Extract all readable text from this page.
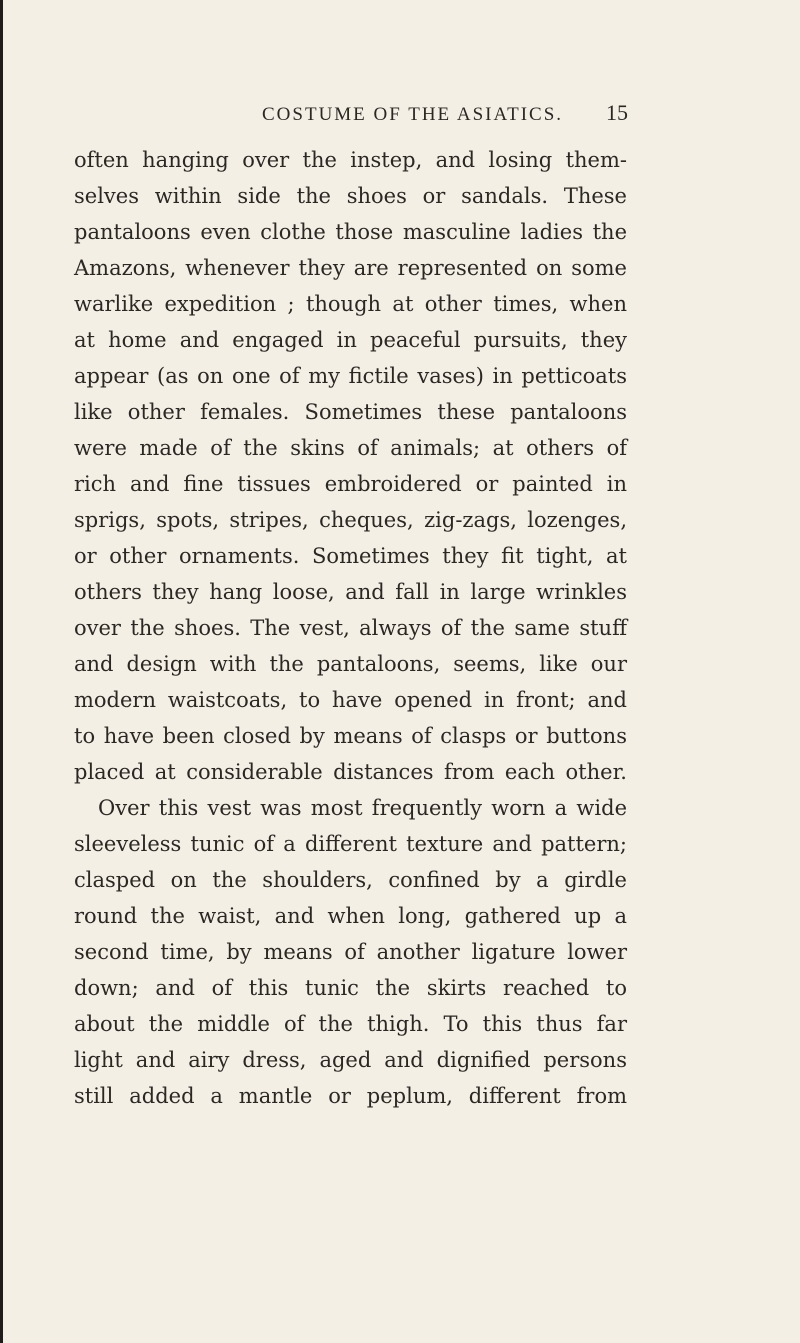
COSTUME OF THE ASIATICS. 15
often hanging over the instep, and losing them-
selves within side the shoes or sandals. These
pantaloons even clothe those masculine ladies the
Amazons, whenever they are represented on some
warlike expedition ; though at other times, when
at home and engaged in peaceful pursuits, they
appear (as on one of my fictile vases) in petticoats
like other females. Sometimes these pantaloons
were made of the skins of animals; at others of
rich and fine tissues embroidered or painted in
sprigs, spots, stripes, cheques, zig-zags, lozenges,
or other ornaments. Sometimes they fit tight, at
others they hang loose, and fall in large wrinkles
over the shoes. The vest, always of the same stuff
and design with the pantaloons, seems, like our
modern waistcoats, to have opened in front; and
to have been closed by means of clasps or buttons
placed at considerable distances from each other.
Over this vest was most frequently worn a wide
sleeveless tunic of a different texture and pattern;
clasped on the shoulders, confined by a girdle
round the waist, and when long, gathered up a
second time, by means of another ligature lower
down; and of this tunic the skirts reached to
about the middle of the thigh. To this thus far
light and airy dress, aged and dignified persons
still added a mantle or peplum, different from
